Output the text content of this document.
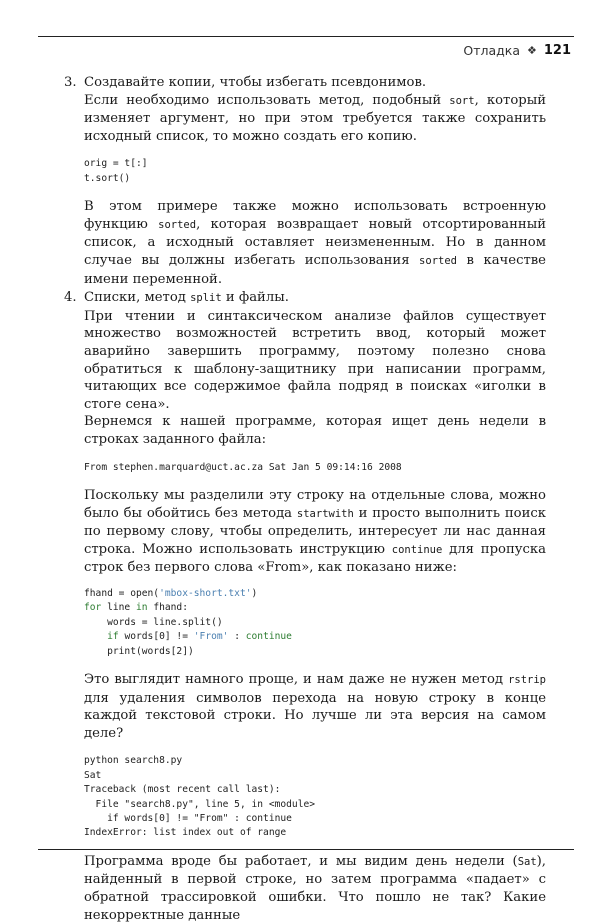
Отладка ❖ 121
3. Создавайте копии, чтобы избегать псевдонимов.

Если необходимо использовать метод, подобный sort, который изменяет аргумент, но при этом требуется также сохранить исходный список, то можно создать его копию.

orig = t[:]
t.sort()

В этом примере также можно использовать встроенную функцию sorted, которая возвращает новый отсортированный список, а исходный оставляет неизмененным. Но в данном случае вы должны избегать использования sorted в качестве имени переменной.

4. Списки, метод split и файлы.

При чтении и синтаксическом анализе файлов существует множество возможностей встретить ввод, который может аварийно завершить программу, поэтому полезно снова обратиться к шаблону-защитнику при написании программ, читающих все содержимое файла подряд в поисках «иголки в стоге сена».

Вернемся к нашей программе, которая ищет день недели в строках заданного файла:

From stephen.marquard@uct.ac.za Sat Jan 5 09:14:16 2008

Поскольку мы разделили эту строку на отдельные слова, можно было бы обойтись без метода startwith и просто выполнить поиск по первому слову, чтобы определить, интересует ли нас данная строка. Можно использовать инструкцию continue для пропуска строк без первого слова «From», как показано ниже:

fhand = open('mbox-short.txt')
for line in fhand:
words = line.split()
if words[0] != 'From' : continue
print(words[2])

Это выглядит намного проще, и нам даже не нужен метод rstrip для удаления символов перехода на новую строку в конце каждой текстовой строки. Но лучше ли эта версия на самом деле?

python search8.py
Sat
Traceback (most recent call last):
File "search8.py", line 5, in <module>
if words[0] != "From" : continue
IndexError: list index out of range

Программа вроде бы работает, и мы видим день недели (Sat), найденный в первой строке, но затем программа «падает» с обратной трассировкой ошибки. Что пошло не так? Какие некорректные данные
